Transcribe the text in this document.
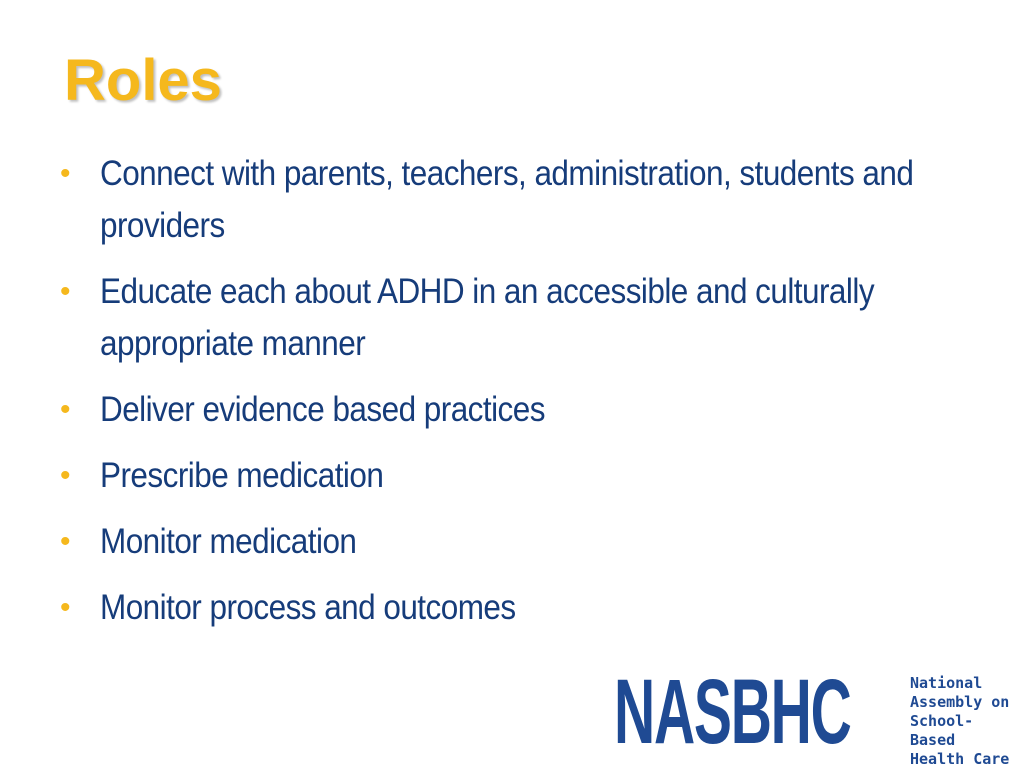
Roles
• Connect with parents, teachers, administration, students and providers
• Educate each about ADHD in an accessible and culturally appropriate manner
• Deliver evidence based practices
• Prescribe medication
• Monitor medication
• Monitor process and outcomes
NASBHC	National
Assembly on
School-Based
Health Care
